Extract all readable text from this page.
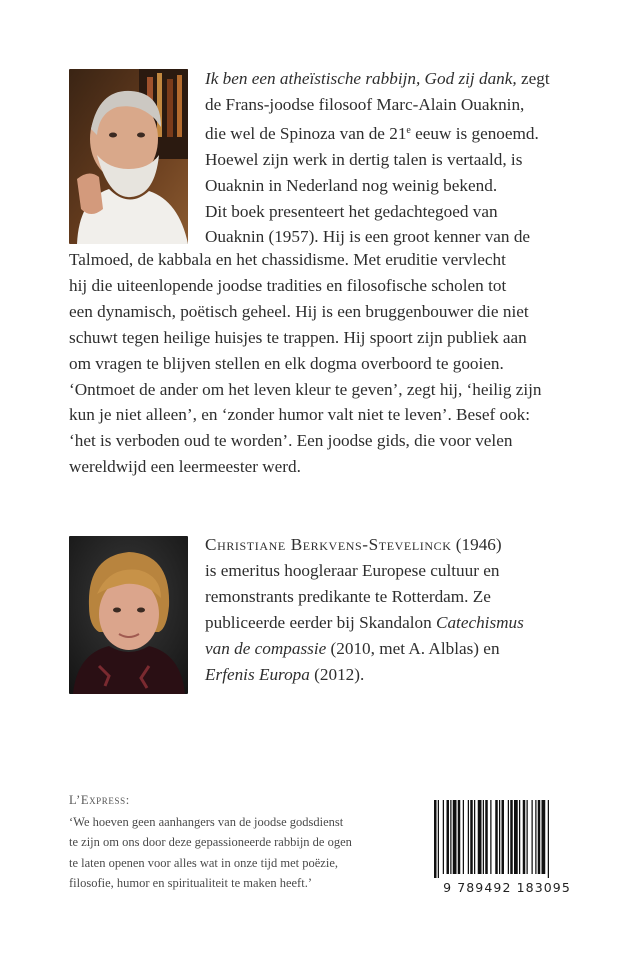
Ik ben een atheïstische rabbijn, God zij dank, zegt
de Frans-joodse filosoof Marc-Alain Ouaknin,
die wel de Spinoza van de 21e eeuw is genoemd.
Hoewel zijn werk in dertig talen is vertaald, is
Ouaknin in Nederland nog weinig bekend.
Dit boek presenteert het gedachtegoed van
Ouaknin (1957). Hij is een groot kenner van de

Talmoed, de kabbala en het chassidisme. Met eruditie vervlecht
hij die uiteenlopende joodse tradities en filosofische scholen tot
een dynamisch, poëtisch geheel. Hij is een bruggenbouwer die niet
schuwt tegen heilige huisjes te trappen. Hij spoort zijn publiek aan
om vragen te blijven stellen en elk dogma overboord te gooien.
‘Ontmoet de ander om het leven kleur te geven’, zegt hij, ‘heilig zijn
kun je niet alleen’, en ‘zonder humor valt niet te leven’. Besef ook:
‘het is verboden oud te worden’. Een joodse gids, die voor velen
wereldwijd een leermeester werd.

Christiane Berkvens-Stevelinck (1946)
is emeritus hoogleraar Europese cultuur en
remonstrants predikante te Rotterdam. Ze
publiceerde eerder bij Skandalon Catechismus
van de compassie (2010, met A. Alblas) en
Erfenis Europa (2012).

L’Express:
‘We hoeven geen aanhangers van de joodse godsdienst
te zijn om ons door deze gepassioneerde rabbijn de ogen
te laten openen voor alles wat in onze tijd met poëzie,
filosofie, humor en spiritualiteit te maken heeft.’	9 789492 183095
